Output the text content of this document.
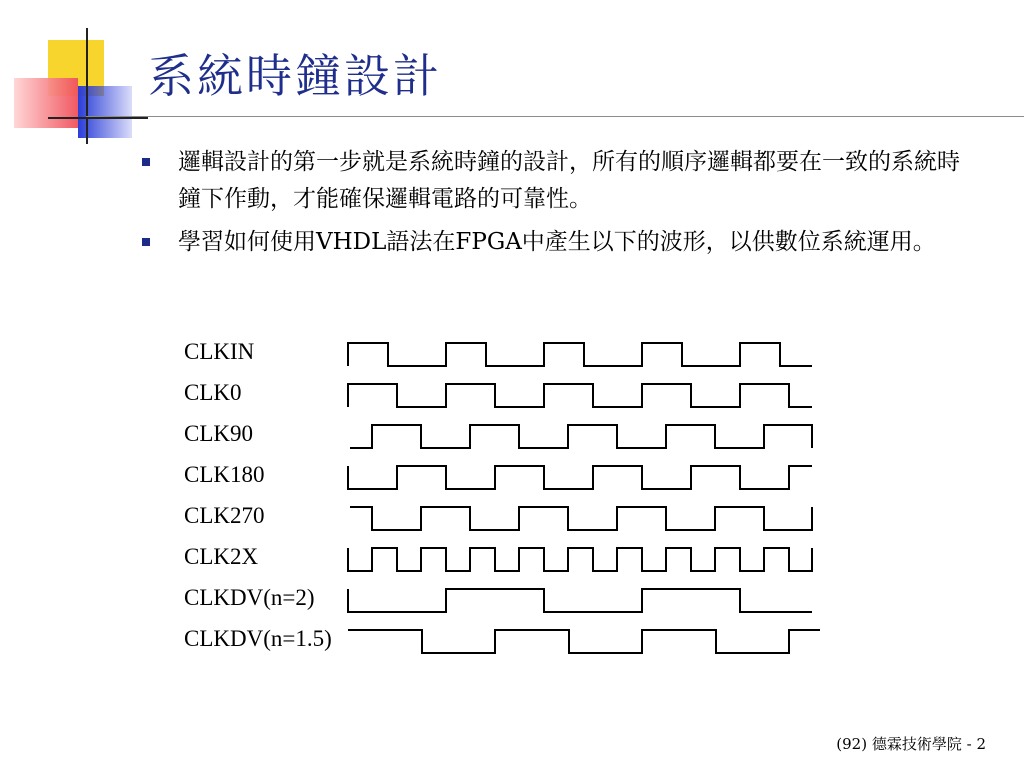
系統時鐘設計
邏輯設計的第一步就是系統時鐘的設計，所有的順序邏輯都要在一致的系統時鐘下作動，才能確保邏輯電路的可靠性。
學習如何使用VHDL語法在FPGA中產生以下的波形，以供數位系統運用。
CLKIN
CLK0
CLK90
CLK180
CLK270
CLK2X
CLKDV(n=2)
CLKDV(n=1.5)
(92) 德霖技術學院 - 2
